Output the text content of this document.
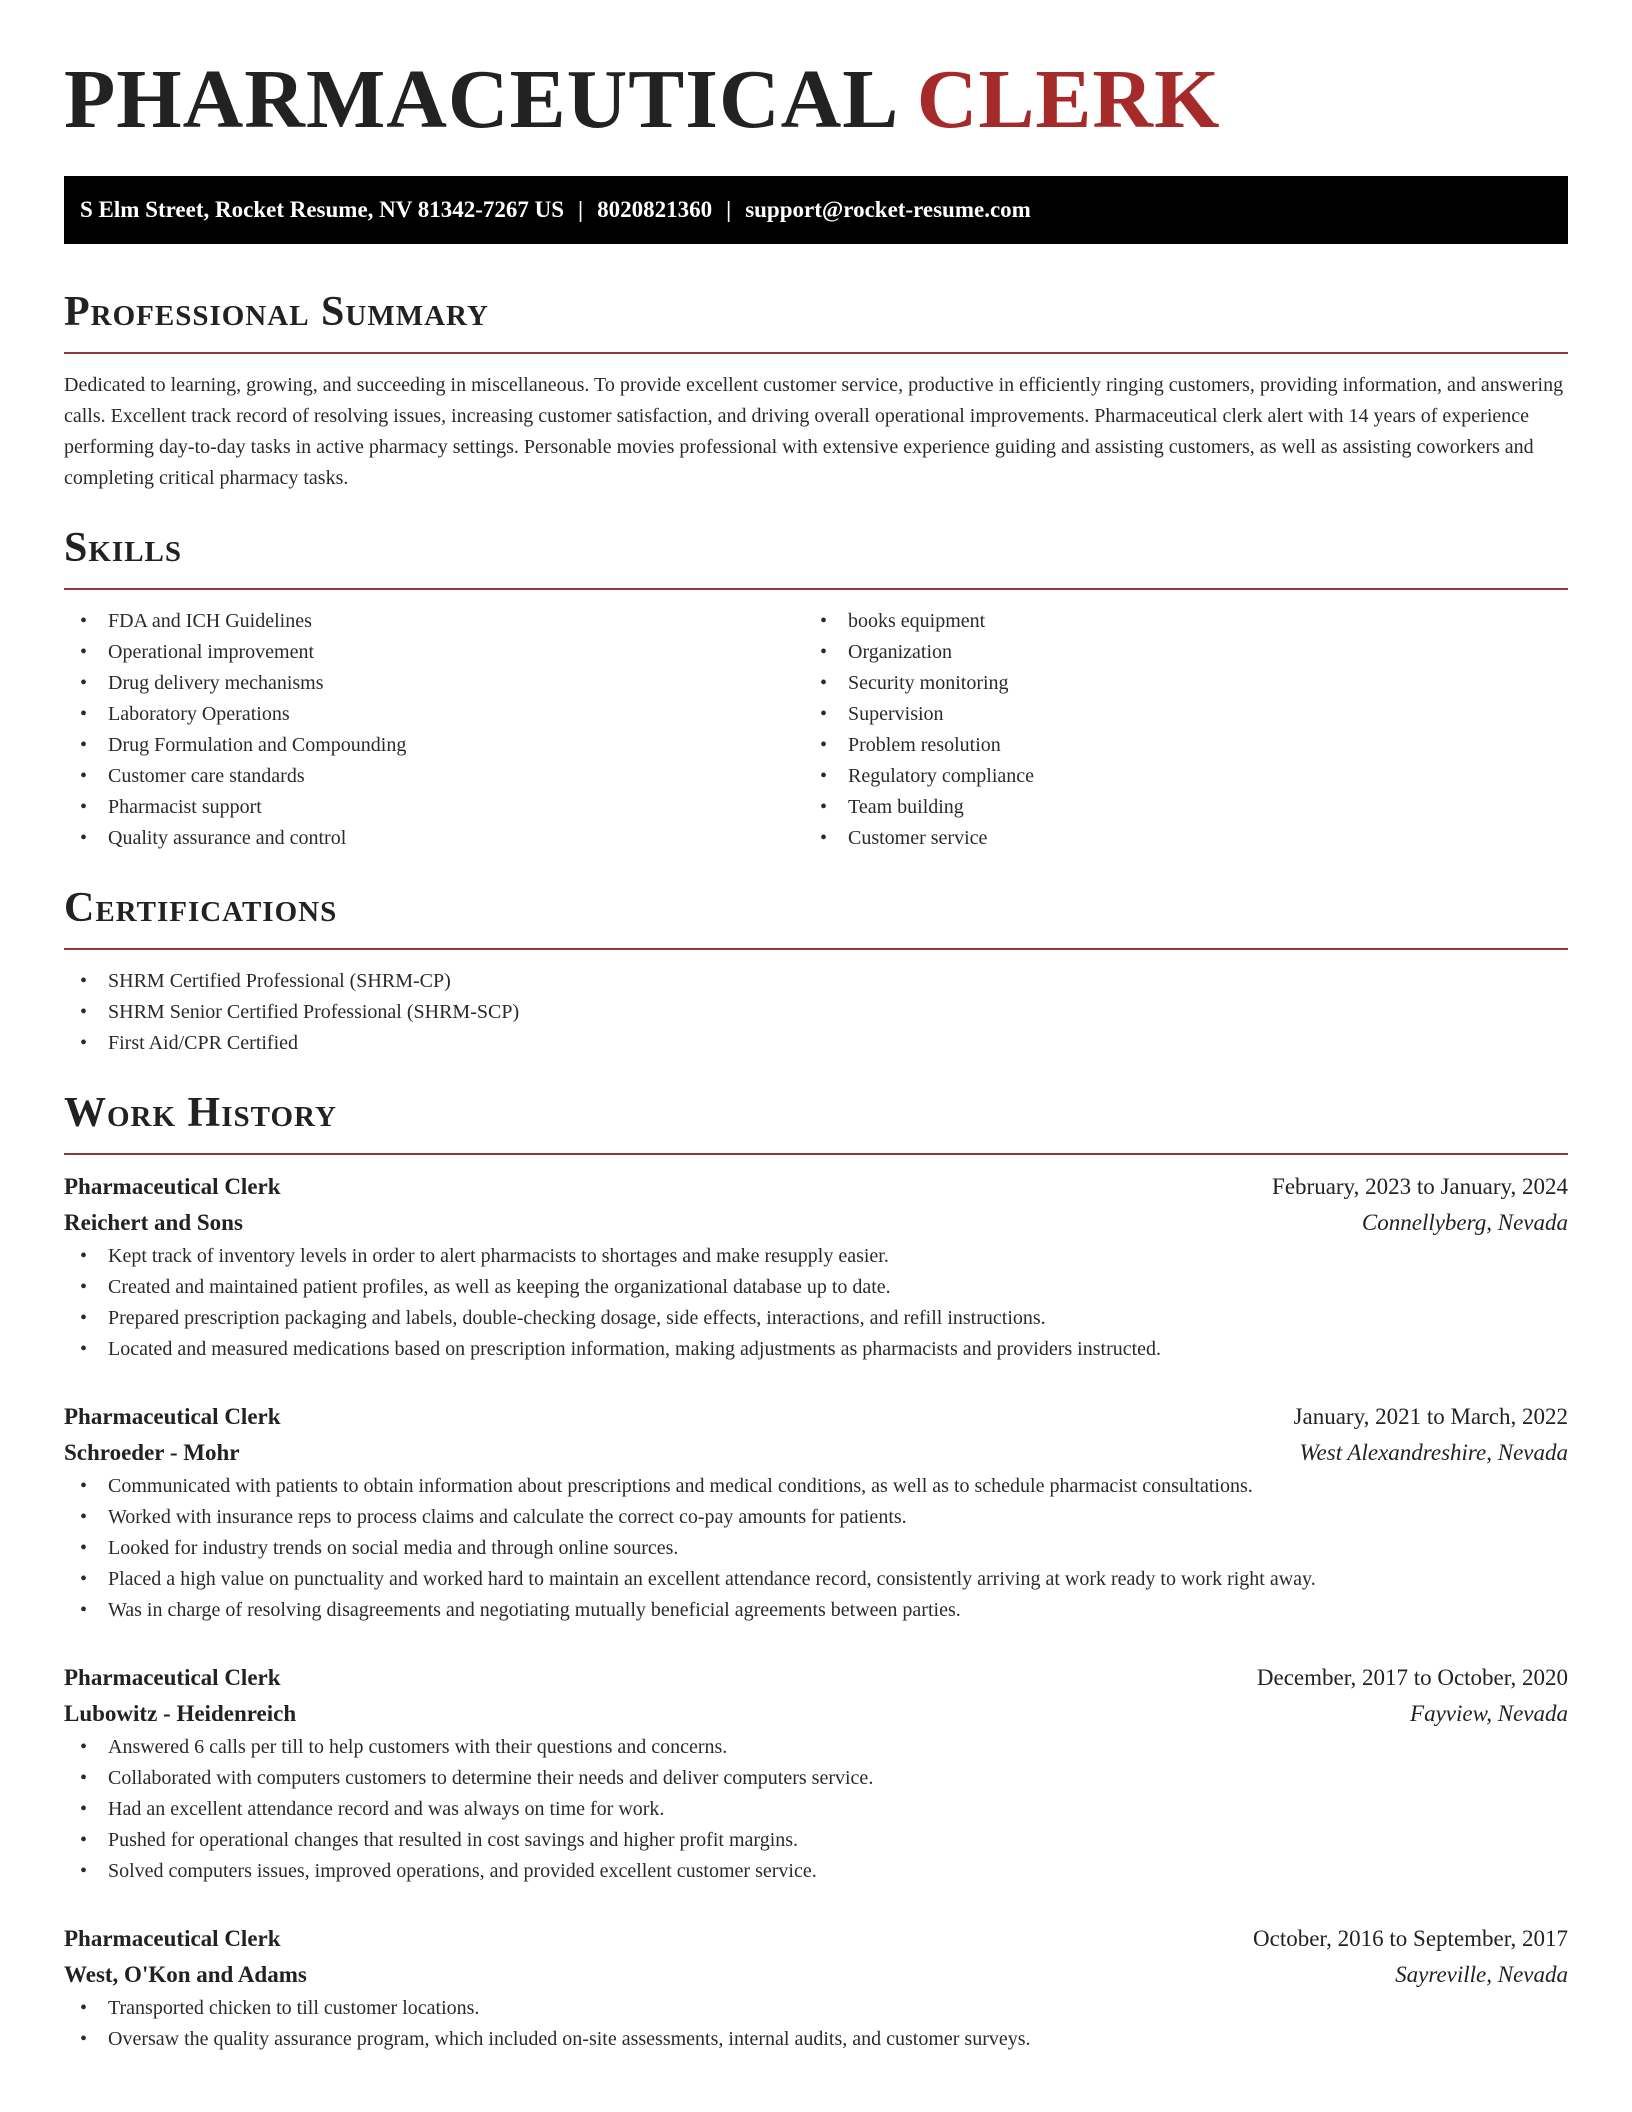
PHARMACEUTICAL CLERK
S Elm Street, Rocket Resume, NV 81342-7267 US | 8020821360 | support@rocket-resume.com
Professional Summary

Dedicated to learning, growing, and succeeding in miscellaneous. To provide excellent customer service, productive in efficiently ringing customers, providing information, and answering calls. Excellent track record of resolving issues, increasing customer satisfaction, and driving overall operational improvements. Pharmaceutical clerk alert with 14 years of experience performing day-to-day tasks in active pharmacy settings. Personable movies professional with extensive experience guiding and assisting customers, as well as assisting coworkers and completing critical pharmacy tasks.

Skills
• FDA and ICH Guidelines
• Operational improvement
• Drug delivery mechanisms
• Laboratory Operations
• Drug Formulation and Compounding
• Customer care standards
• Pharmacist support
• Quality assurance and control
• books equipment
• Organization
• Security monitoring
• Supervision
• Problem resolution
• Regulatory compliance
• Team building
• Customer service
Certifications
• SHRM Certified Professional (SHRM-CP)
• SHRM Senior Certified Professional (SHRM-SCP)
• First Aid/CPR Certified
Work History
Pharmaceutical Clerk	February, 2023 to January, 2024
Reichert and Sons	Connellyberg, Nevada
• Kept track of inventory levels in order to alert pharmacists to shortages and make resupply easier.
• Created and maintained patient profiles, as well as keeping the organizational database up to date.
• Prepared prescription packaging and labels, double-checking dosage, side effects, interactions, and refill instructions.
• Located and measured medications based on prescription information, making adjustments as pharmacists and providers instructed.
Pharmaceutical Clerk	January, 2021 to March, 2022
Schroeder - Mohr	West Alexandreshire, Nevada
• Communicated with patients to obtain information about prescriptions and medical conditions, as well as to schedule pharmacist consultations.
• Worked with insurance reps to process claims and calculate the correct co-pay amounts for patients.
• Looked for industry trends on social media and through online sources.
• Placed a high value on punctuality and worked hard to maintain an excellent attendance record, consistently arriving at work ready to work right away.
• Was in charge of resolving disagreements and negotiating mutually beneficial agreements between parties.
Pharmaceutical Clerk	December, 2017 to October, 2020
Lubowitz - Heidenreich	Fayview, Nevada
• Answered 6 calls per till to help customers with their questions and concerns.
• Collaborated with computers customers to determine their needs and deliver computers service.
• Had an excellent attendance record and was always on time for work.
• Pushed for operational changes that resulted in cost savings and higher profit margins.
• Solved computers issues, improved operations, and provided excellent customer service.
Pharmaceutical Clerk	October, 2016 to September, 2017
West, O'Kon and Adams	Sayreville, Nevada
• Transported chicken to till customer locations.
• Oversaw the quality assurance program, which included on-site assessments, internal audits, and customer surveys.
